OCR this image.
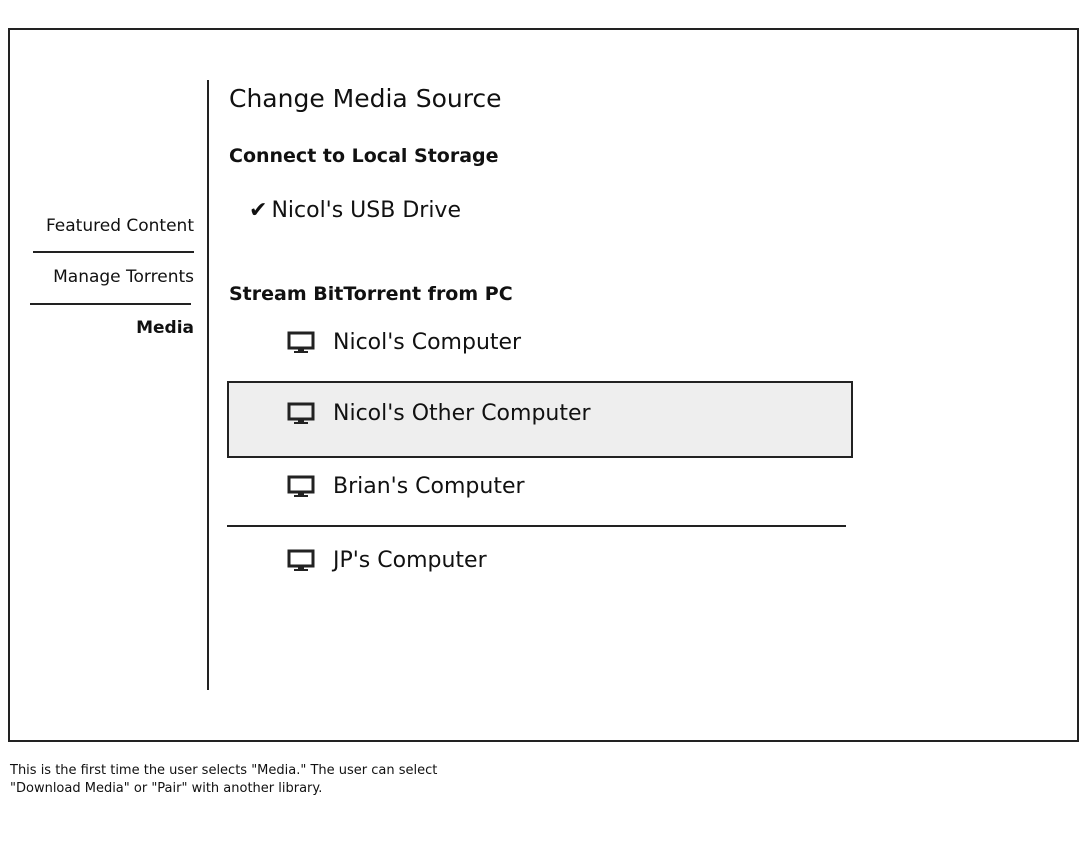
Featured Content
Manage Torrents
Media
Change Media Source
Connect to Local Storage
✔ Nicol's USB Drive
Stream BitTorrent from PC
Nicol's Computer
Nicol's Other Computer
Brian's Computer
JP's Computer
This is the first time the user selects "Media." The user can select "Download Media" or "Pair" with another library.
